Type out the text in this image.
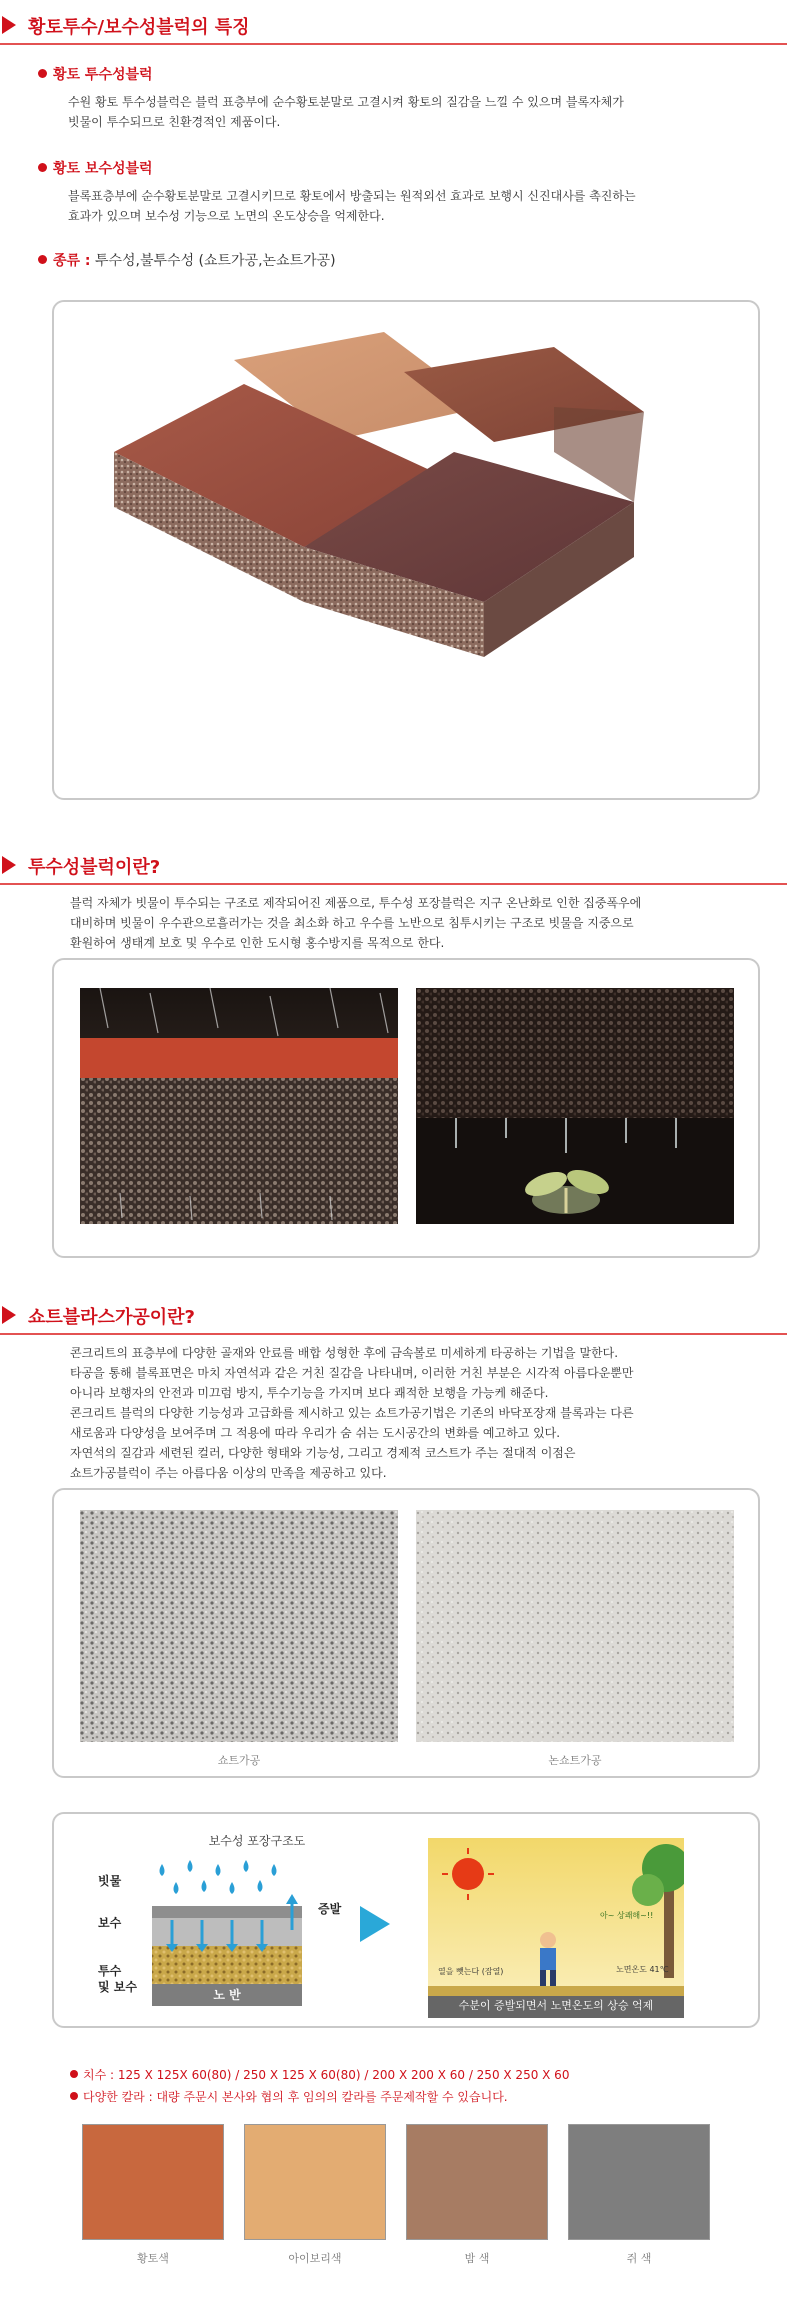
황토투수/보수성블럭의 특징
황토 투수성블럭
수원 황토 투수성블럭은 블럭 표층부에 순수황토분말로 고결시켜 황토의 질감을 느낄 수 있으며 블록자체가
빗물이 투수되므로 친환경적인 제품이다.
황토 보수성블럭
블록표층부에 순수황토분말로 고결시키므로 황토에서 방출되는 원적외선 효과로 보행시 신진대사를 촉진하는
효과가 있으며 보수성 기능으로 노면의 온도상승을 억제한다.
종류 : 투수성,불투수성 (쇼트가공,논쇼트가공)
투수성블럭이란?
블럭 자체가 빗물이 투수되는 구조로 제작되어진 제품으로, 투수성 포장블럭은 지구 온난화로 인한 집중폭우에
대비하며 빗물이 우수관으로흘러가는 것을 최소화 하고 우수를 노반으로 침투시키는 구조로 빗물을 지중으로
환원하여 생태계 보호 및 우수로 인한 도시형 홍수방지를 목적으로 한다.
쇼트블라스가공이란?
콘크리트의 표층부에 다양한 골재와 안료를 배합 성형한 후에 금속볼로 미세하게 타공하는 기법을 말한다.
타공을 통해 블록표면은 마치 자연석과 같은 거친 질감을 나타내며, 이러한 거친 부분은 시각적 아름다운뿐만
아니라 보행자의 안전과 미끄럼 방지, 투수기능을 가지며 보다 쾌적한 보행을 가능케 해준다.
콘크리트 블럭의 다양한 기능성과 고급화를 제시하고 있는 쇼트가공기법은 기존의 바닥포장재 블록과는 다른
새로움과 다양성을 보여주며 그 적용에 따라 우리가 숨 쉬는 도시공간의 변화를 예고하고 있다.
자연석의 질감과 세련된 컬러, 다양한 형태와 기능성, 그리고 경제적 코스트가 주는 절대적 이점은
쇼트가공블럭이 주는 아름다움 이상의 만족을 제공하고 있다.
쇼트가공	논쇼트가공
보수성 포장구조도
빗물
보수
투수
및 보수
증발
노 반
아~ 상쾌해~!!
열을 뺏는다 (잠열)	노면온도 41℃
수분이 증발되면서 노면온도의 상승 억제
치수 : 125 X 125X 60(80) / 250 X 125 X 60(80) / 200 X 200 X 60 / 250 X 250 X 60
다양한 칼라 : 대량 주문시 본사와 협의 후 임의의 칼라를 주문제작할 수 있습니다.
황토색	아이보리색	밤 색	쥐 색
